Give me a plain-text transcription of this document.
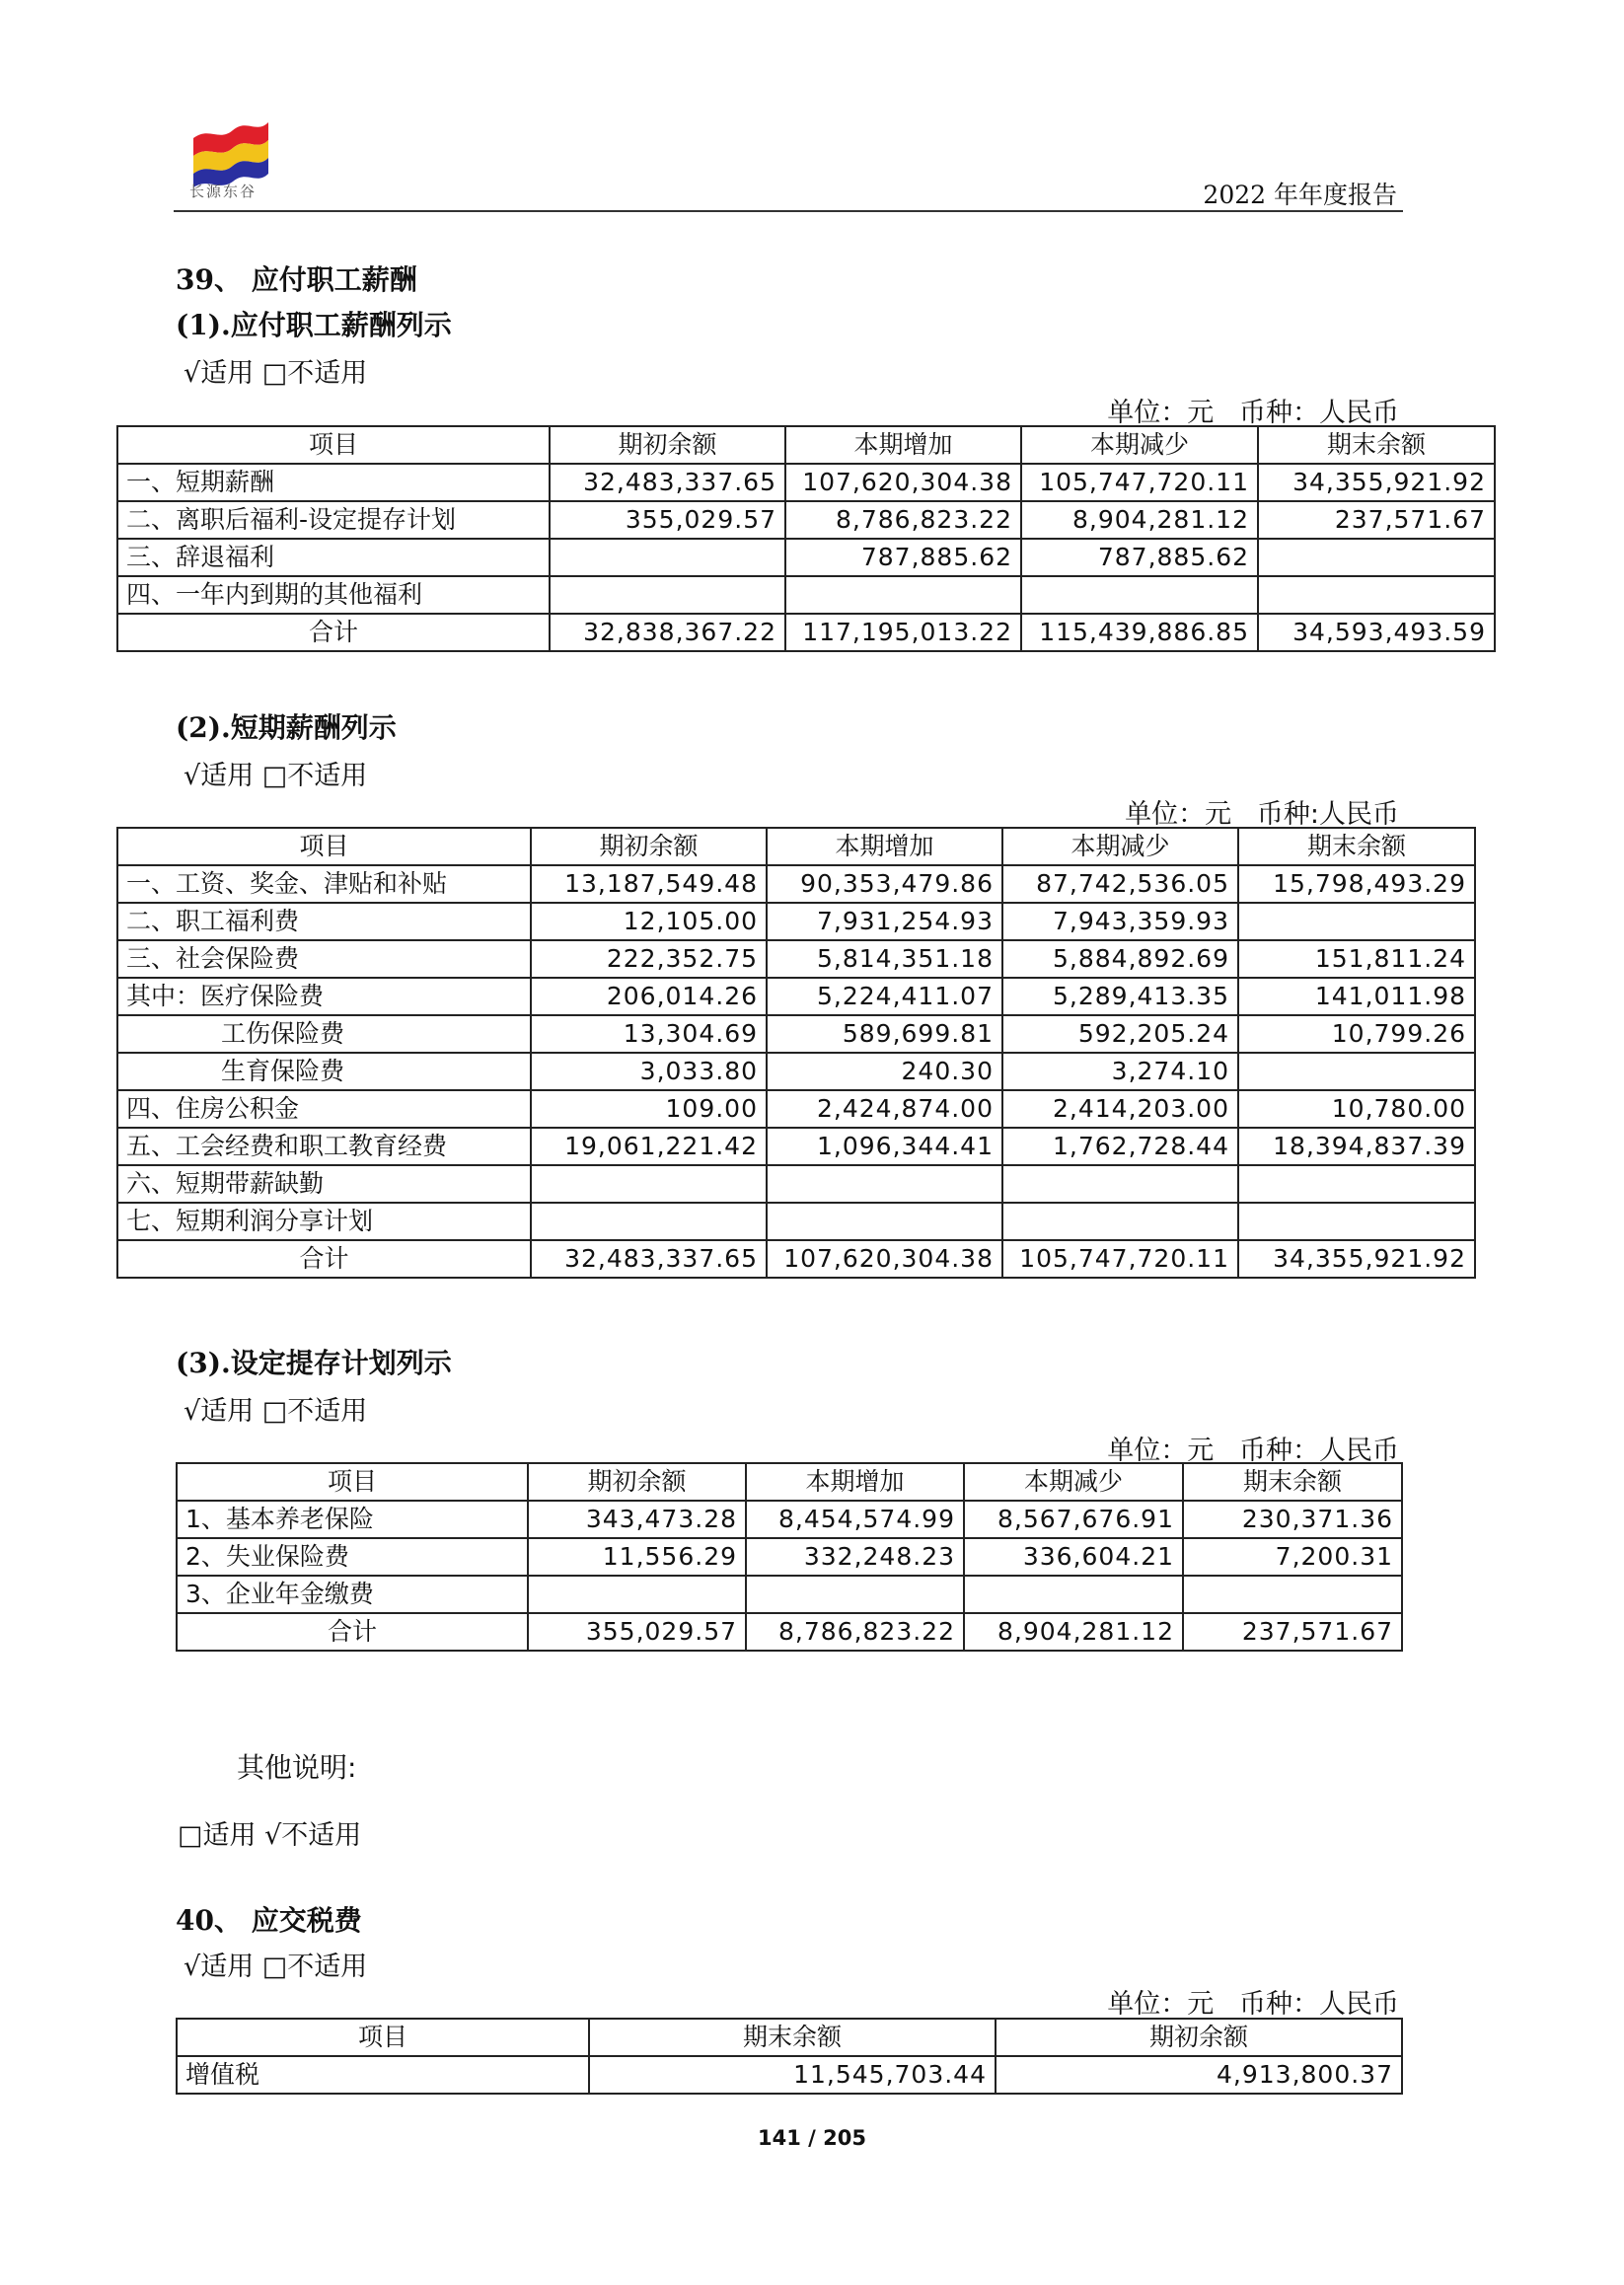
长源东谷	2022 年年度报告
39、 应付职工薪酬
(1).应付职工薪酬列示
√适用 □不适用
单位：元   币种：人民币
项目	期初余额	本期增加	本期减少	期末余额
一、短期薪酬	32,483,337.65	107,620,304.38	105,747,720.11	34,355,921.92
二、离职后福利-设定提存计划	355,029.57	8,786,823.22	8,904,281.12	237,571.67
三、辞退福利		787,885.62	787,885.62	
四、一年内到期的其他福利				
合计	32,838,367.22	117,195,013.22	115,439,886.85	34,593,493.59
(2).短期薪酬列示
√适用 □不适用
单位：元   币种:人民币
项目	期初余额	本期增加	本期减少	期末余额
一、工资、奖金、津贴和补贴	13,187,549.48	90,353,479.86	87,742,536.05	15,798,493.29
二、职工福利费	12,105.00	7,931,254.93	7,943,359.93	
三、社会保险费	222,352.75	5,814,351.18	5,884,892.69	151,811.24
其中：医疗保险费	206,014.26	5,224,411.07	5,289,413.35	141,011.98
工伤保险费	13,304.69	589,699.81	592,205.24	10,799.26
生育保险费	3,033.80	240.30	3,274.10	
四、住房公积金	109.00	2,424,874.00	2,414,203.00	10,780.00
五、工会经费和职工教育经费	19,061,221.42	1,096,344.41	1,762,728.44	18,394,837.39
六、短期带薪缺勤				
七、短期利润分享计划				
合计	32,483,337.65	107,620,304.38	105,747,720.11	34,355,921.92
(3).设定提存计划列示
√适用 □不适用
单位：元   币种：人民币
项目	期初余额	本期增加	本期减少	期末余额
1、基本养老保险	343,473.28	8,454,574.99	8,567,676.91	230,371.36
2、失业保险费	11,556.29	332,248.23	336,604.21	7,200.31
3、企业年金缴费				
合计	355,029.57	8,786,823.22	8,904,281.12	237,571.67
其他说明:
□适用 √不适用
40、 应交税费
√适用 □不适用
单位：元   币种：人民币
项目	期末余额	期初余额
增值税	11,545,703.44	4,913,800.37
141 / 205
